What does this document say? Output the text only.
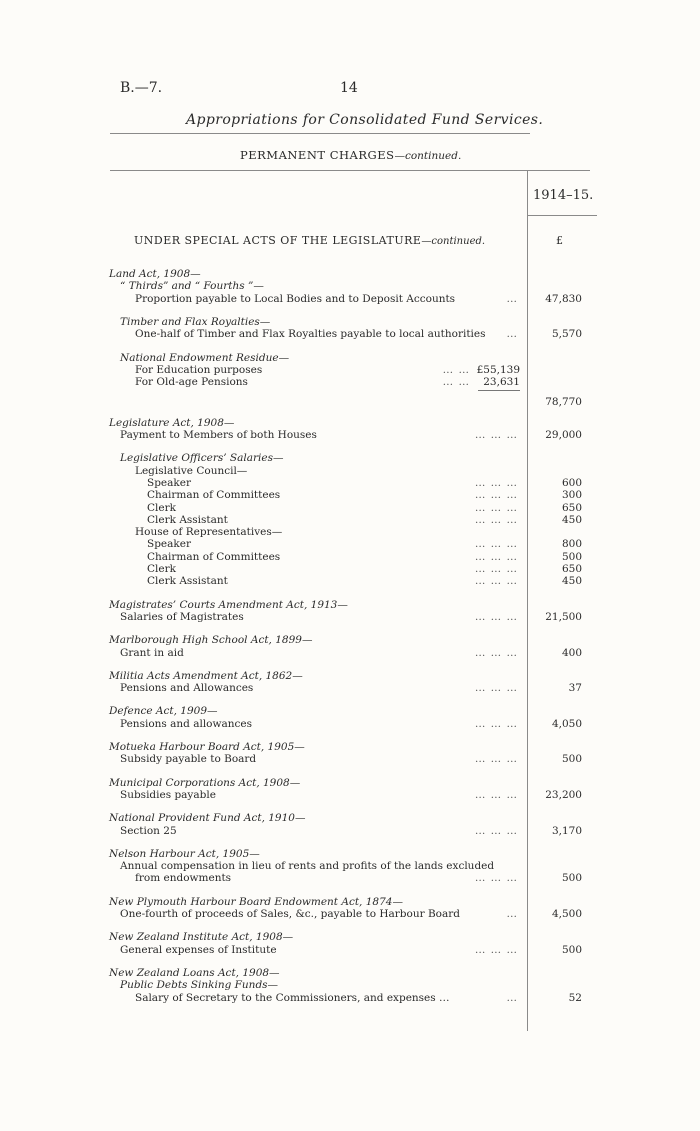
B.—7.	14
Appropriations for Consolidated Fund Services.
PERMANENT CHARGES—continued.
1914–15.
UNDER SPECIAL ACTS OF THE LEGISLATURE—continued.	£
Land Act, 1908—
“ Thirds” and “ Fourths ”—
Proportion payable to Local Bodies and to Deposit Accounts	…	47,830
Timber and Flax Royalties—
One-half of Timber and Flax Royalties payable to local authorities …	5,570
National Endowment Residue—
For Education purposes	… … £55,139
For Old-age Pensions	… … 23,631
78,770
Legislature Act, 1908—
Payment to Members of both Houses	… … …	29,000
Legislative Officers’ Salaries—
Legislative Council—
Speaker	… … …	600
Chairman of Committees	… … …	300
Clerk	… … …	650
Clerk Assistant	… … …	450
House of Representatives—
Speaker	… … …	800
Chairman of Committees	… … …	500
Clerk	… … …	650
Clerk Assistant	… … …	450
Magistrates’ Courts Amendment Act, 1913—
Salaries of Magistrates	… … …	21,500
Marlborough High School Act, 1899—
Grant in aid	… … …	400
Militia Acts Amendment Act, 1862—
Pensions and Allowances	… … …	37
Defence Act, 1909—
Pensions and allowances	… … …	4,050
Motueka Harbour Board Act, 1905—
Subsidy payable to Board	… … …	500
Municipal Corporations Act, 1908—
Subsidies payable	… … …	23,200
National Provident Fund Act, 1910—
Section 25	… … …	3,170
Nelson Harbour Act, 1905—
Annual compensation in lieu of rents and profits of the lands excluded
from endowments	… … …	500
New Plymouth Harbour Board Endowment Act, 1874—
One-fourth of proceeds of Sales, &c., payable to Harbour Board	…	4,500
New Zealand Institute Act, 1908—
General expenses of Institute	… … …	500
New Zealand Loans Act, 1908—
Public Debts Sinking Funds—
Salary of Secretary to the Commissioners, and expenses …	…	52
